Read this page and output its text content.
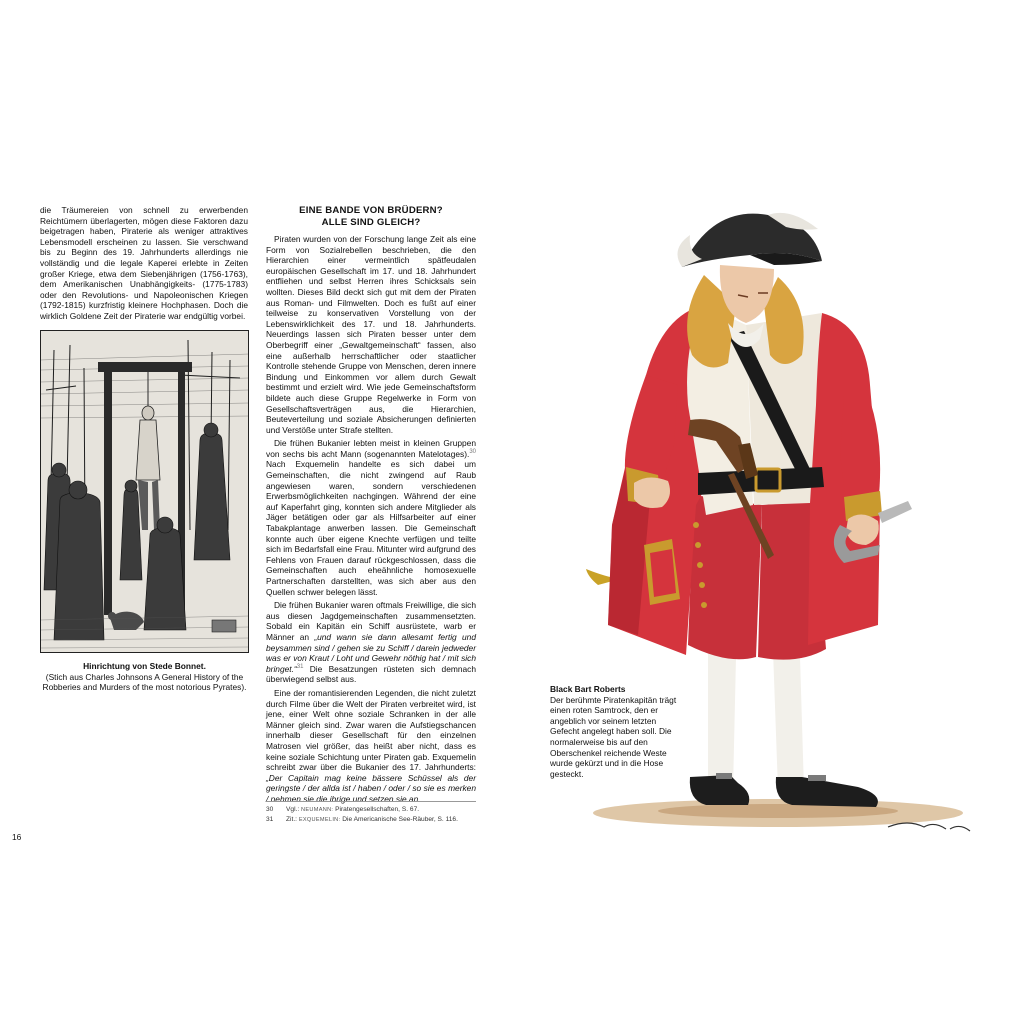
die Träumereien von schnell zu erwerbenden Reichtümern überlagerten, mögen diese Faktoren dazu beigetragen haben, Piraterie als weniger attraktives Lebensmodell erscheinen zu lassen. Sie verschwand bis zu Beginn des 19. Jahrhunderts allerdings nie vollständig und die legale Kaperei erlebte in Zeiten großer Kriege, etwa dem Siebenjährigen (1756-1763), dem Amerikanischen Unabhängigkeits- (1775-1783) oder den Revolutions- und Napoleonischen Kriegen (1792-1815) kurzfristig kleinere Hochphasen. Doch die wirklich Goldene Zeit der Piraterie war endgültig vorbei.

Hinrichtung von Stede Bonnet.
(Stich aus Charles Johnsons A General History of the Robberies and Murders of the most notorious Pyrates).
EINE BANDE VON BRÜDERN?
ALLE SIND GLEICH?

Piraten wurden von der Forschung lange Zeit als eine Form von Sozialrebellen beschrieben, die den Hierarchien einer vermeintlich spätfeudalen europäischen Gesellschaft im 17. und 18. Jahrhundert entfliehen und selbst Herren ihres Schicksals sein wollten. Dieses Bild deckt sich gut mit dem der Piraten aus Roman- und Filmwelten. Doch es fußt auf einer teilweise zu konservativen Vorstellung von der Lebenswirklichkeit des 17. und 18. Jahrhunderts. Neuerdings lassen sich Piraten besser unter dem Oberbegriff einer „Gewaltgemeinschaft“ fassen, also eine außerhalb herrschaftlicher oder staatlicher Kontrolle stehende Gruppe von Menschen, deren innere Bindung und Einkommen vor allem durch Gewalt bestimmt und erzielt wird. Wie jede Gemeinschaftsform bildete auch diese Gruppe Regelwerke in Form von Gesellschaftsverträgen aus, die Hierarchien, Beuteverteilung und soziale Absicherungen definierten und Verstöße unter Strafe stellten.

Die frühen Bukanier lebten meist in kleinen Gruppen von sechs bis acht Mann (sogenannten Matelotages).$^{30}$ Nach Exquemelin handelte es sich dabei um Gemeinschaften, die nicht zwingend auf Raub angewiesen waren, sondern verschiedenen Erwerbsmöglichkeiten nachgingen. Während der eine auf Kaperfahrt ging, konnten sich andere Mitglieder als Jäger betätigen oder gar als Hilfsarbeiter auf einer Tabakplantage anwerben lassen. Die Gemeinschaft konnte auch über eigene Knechte verfügen und teilte sich im Bedarfsfall eine Frau. Mitunter wird aufgrund des Fehlens von Frauen darauf rückgeschlossen, dass die Gemeinschaften auch eheähnliche homosexuelle Partnerschaften darstellten, was sich aber aus den Quellen schwer belegen lässt.

Die frühen Bukanier waren oftmals Freiwillige, die sich aus diesen Jagdgemeinschaften zusammensetzten. Sobald ein Kapitän ein Schiff ausrüstete, warb er Männer an „und wann sie dann allesamt fertig und beysammen sind / gehen sie zu Schiff / darein jedweder was er von Kraut / Loht und Gewehr nöthig hat / mit sich bringet.“$^{31}$ Die Besatzungen rüsteten sich demnach überwiegend selbst aus.

Eine der romantisierenden Legenden, die nicht zuletzt durch Filme über die Welt der Piraten verbreitet wird, ist jene, einer Welt ohne soziale Schranken in der alle Männer gleich sind. Zwar waren die Aufstiegschancen innerhalb dieser Gesellschaft für den einzelnen Matrosen viel größer, das heißt aber nicht, dass es keine soziale Schichtung unter Piraten gab. Exquemelin schreibt zwar über die Bukanier des 17. Jahrhunderts: „Der Capitain mag keine bässere Schüssel als der geringste / der allda ist / haben / oder / so sie es merken / nehmen sie die ihrige und setzen sie an

30	Vgl.: NEUMANN: Piratengesellschaften, S. 67.
31	Zit.: EXQUEMELIN: Die Americanische See-Räuber, S. 116.
16
Black Bart Roberts
Der berühmte Piratenkapitän trägt einen roten Samtrock, den er angeblich vor seinem letzten Gefecht angelegt haben soll. Die normalerweise bis auf den Oberschenkel reichende Weste wurde gekürzt und in die Hose gesteckt.
